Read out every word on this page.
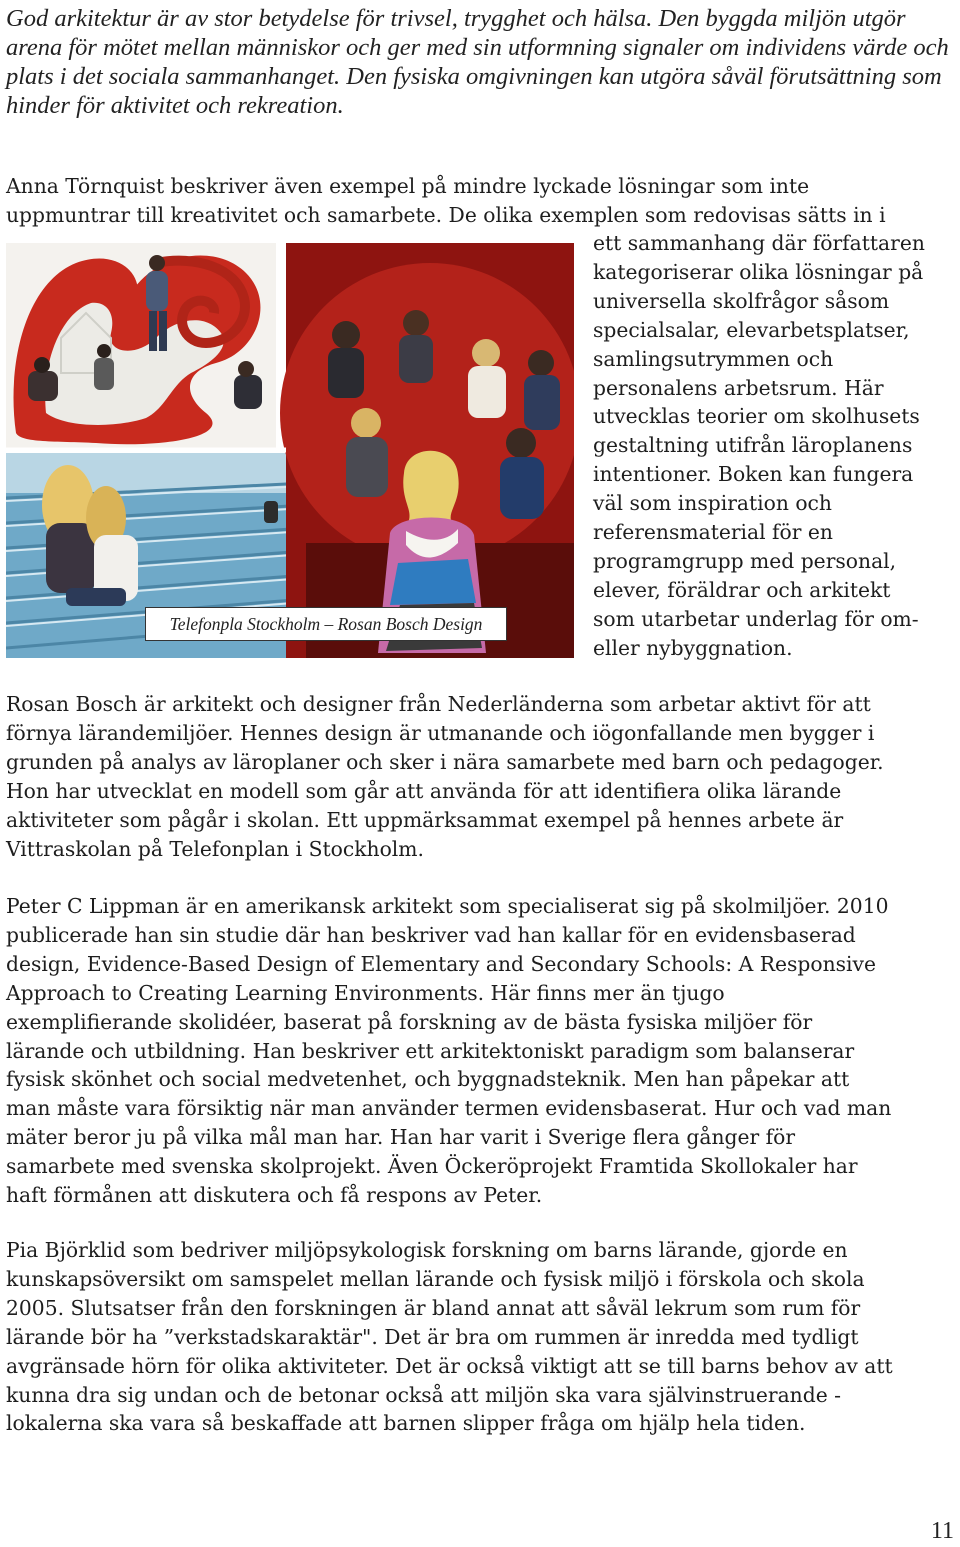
God arkitektur är av stor betydelse för trivsel, trygghet och hälsa. Den byggda miljön utgör arena för mötet mellan människor och ger med sin utformning signaler om individens värde och plats i det sociala sammanhanget. Den fysiska omgivningen kan utgöra såväl förutsättning som hinder för aktivitet och rekreation.

Anna Törnquist beskriver även exempel på mindre lyckade lösningar som inte
uppmuntrar till kreativitet och samarbete. De olika exemplen som redovisas sätts in i

ett sammanhang där författaren
kategoriserar olika lösningar på
universella skolfrågor såsom
specialsalar, elevarbetsplatser,
samlingsutrymmen och
personalens arbetsrum. Här
utvecklas teorier om skolhusets
gestaltning utifrån läroplanens
intentioner. Boken kan fungera
väl som inspiration och
referensmaterial för en
programgrupp med personal,
elever, föräldrar och arkitekt
som utarbetar underlag för om-
eller nybyggnation.

Telefonpla Stockholm – Rosan Bosch Design

Rosan Bosch är arkitekt och designer från Nederländerna som arbetar aktivt för att
förnya lärandemiljöer. Hennes design är utmanande och iögonfallande men bygger i
grunden på analys av läroplaner och sker i nära samarbete med barn och pedagoger.
Hon har utvecklat en modell som går att använda för att identifiera olika lärande
aktiviteter som pågår i skolan. Ett uppmärksammat exempel på hennes arbete är
Vittraskolan på Telefonplan i Stockholm.

Peter C Lippman är en amerikansk arkitekt som specialiserat sig på skolmiljöer. 2010
publicerade han sin studie där han beskriver vad han kallar för en evidensbaserad
design, Evidence-Based Design of Elementary and Secondary Schools: A Responsive
Approach to Creating Learning Environments. Här finns mer än tjugo
exemplifierande skolidéer, baserat på forskning av de bästa fysiska miljöer för
lärande och utbildning. Han beskriver ett arkitektoniskt paradigm som balanserar
fysisk skönhet och social medvetenhet, och byggnadsteknik. Men han påpekar att
man måste vara försiktig när man använder termen evidensbaserat. Hur och vad man
mäter beror ju på vilka mål man har. Han har varit i Sverige flera gånger för
samarbete med svenska skolprojekt. Även Öckeröprojekt Framtida Skollokaler har
haft förmånen att diskutera och få respons av Peter.

Pia Björklid som bedriver miljöpsykologisk forskning om barns lärande, gjorde en
kunskapsöversikt om samspelet mellan lärande och fysisk miljö i förskola och skola
2005. Slutsatser från den forskningen är bland annat att såväl lekrum som rum för
lärande bör ha ”verkstadskaraktär". Det är bra om rummen är inredda med tydligt
avgränsade hörn för olika aktiviteter. Det är också viktigt att se till barns behov av att
kunna dra sig undan och de betonar också att miljön ska vara självinstruerande -
lokalerna ska vara så beskaffade att barnen slipper fråga om hjälp hela tiden.

11
